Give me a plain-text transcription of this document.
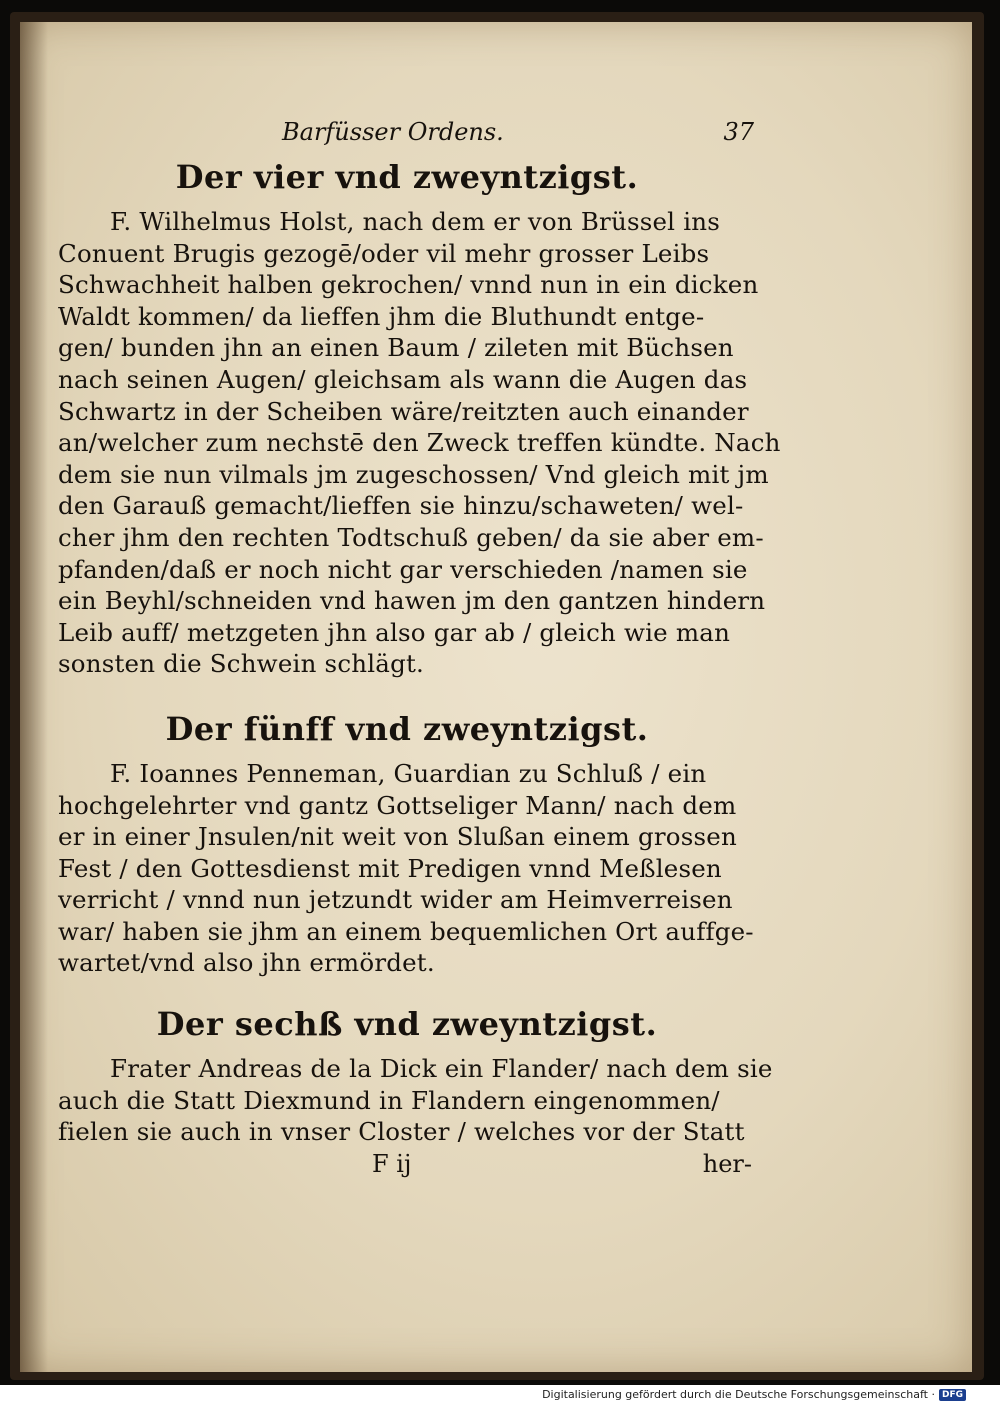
Barfüsser Ordens.	37
Der vier vnd zweyntzigst.
F. Wilhelmus Holst, nach dem er von Brüssel ins
Conuent Brugis gezogē/oder vil mehr grosser Leibs
Schwachheit halben gekrochen/ vnnd nun in ein dicken
Waldt kommen/ da lieffen jhm die Bluthundt entge-
gen/ bunden jhn an einen Baum / zileten mit Büchsen
nach seinen Augen/ gleichsam als wann die Augen das
Schwartz in der Scheiben wäre/reitzten auch einander
an/welcher zum nechstē den Zweck treffen kündte. Nach
dem sie nun vilmals jm zugeschossen/ Vnd gleich mit jm
den Garauß gemacht/lieffen sie hinzu/schaweten/ wel-
cher jhm den rechten Todtschuß geben/ da sie aber em-
pfanden/daß er noch nicht gar verschieden /namen sie
ein Beyhl/schneiden vnd hawen jm den gantzen hindern
Leib auff/ metzgeten jhn also gar ab / gleich wie man
sonsten die Schwein schlägt.
Der fünff vnd zweyntzigst.
F. Ioannes Penneman, Guardian zu Schluß / ein
hochgelehrter vnd gantz Gottseliger Mann/ nach dem
er in einer Jnsulen/nit weit von Slußan einem grossen
Fest / den Gottesdienst mit Predigen vnnd Meßlesen
verricht / vnnd nun jetzundt wider am Heimverreisen
war/ haben sie jhm an einem bequemlichen Ort auffge-
wartet/vnd also jhn ermördet.
Der sechß vnd zweyntzigst.
Frater Andreas de la Dick ein Flander/ nach dem sie
auch die Statt Diexmund in Flandern eingenommen/
fielen sie auch in vnser Closter / welches vor der Statt
F ij	her-
Digitalisierung gefördert durch die Deutsche Forschungsgemeinschaft · DFG
